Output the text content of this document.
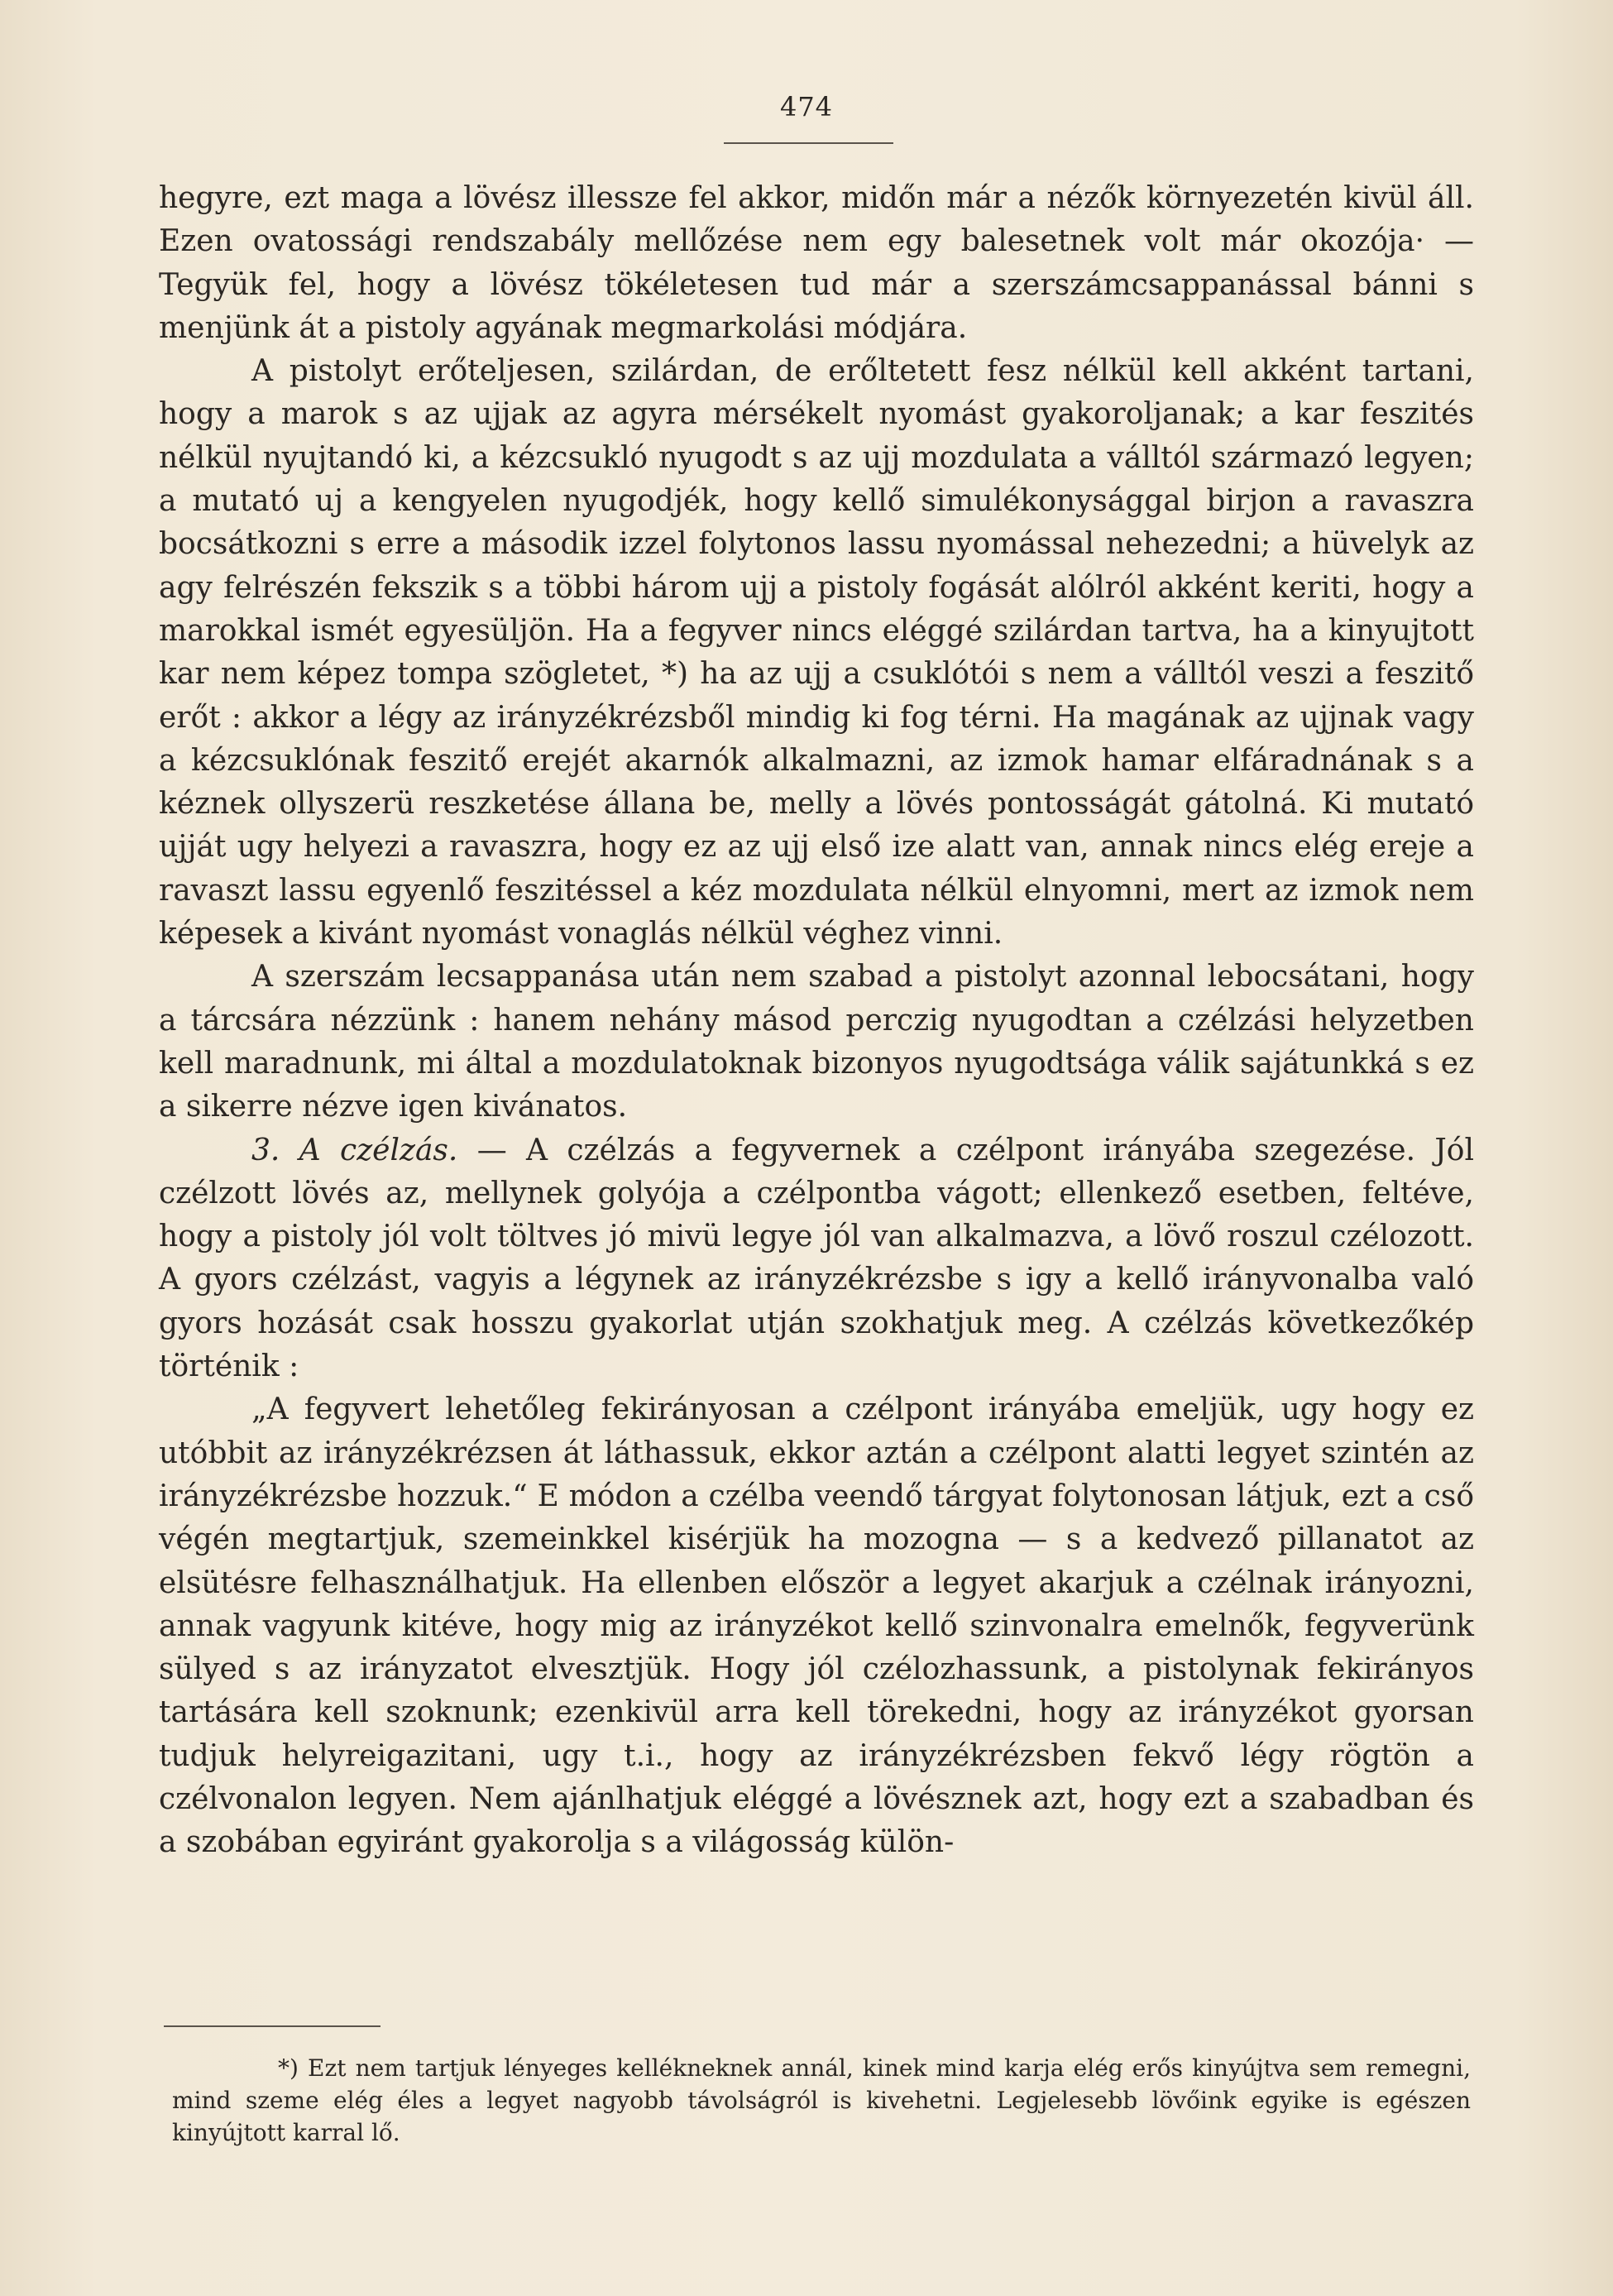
474

hegyre, ezt maga a lövész illessze fel akkor, midőn már a nézők környezetén kivül áll. Ezen ovatossági rendszabály mellőzése nem egy balesetnek volt már okozója· — Tegyük fel, hogy a lövész tökéletesen tud már a szerszámcsappanással bánni s menjünk át a pistoly agyának megmarkolási módjára.

A pistolyt erőteljesen, szilárdan, de erőltetett fesz nélkül kell akként tartani, hogy a marok s az ujjak az agyra mérsékelt nyomást gyakoroljanak; a kar feszités nélkül nyujtandó ki, a kézcsukló nyugodt s az ujj mozdulata a válltól származó legyen; a mutató uj a kengyelen nyugodjék, hogy kellő simulékonysággal birjon a ravaszra bocsátkozni s erre a második izzel folytonos lassu nyomással nehezedni; a hüvelyk az agy felrészén fekszik s a többi három ujj a pistoly fogását alólról akként keriti, hogy a marokkal ismét egyesüljön. Ha a fegyver nincs eléggé szilárdan tartva, ha a kinyujtott kar nem képez tompa szögletet, *) ha az ujj a csuklótói s nem a válltól veszi a feszitő erőt : akkor a légy az irányzékrézsből mindig ki fog térni. Ha magának az ujjnak vagy a kézcsuklónak feszitő erejét akarnók alkalmazni, az izmok hamar elfáradnának s a kéznek ollyszerü reszketése állana be, melly a lövés pontosságát gátolná. Ki mutató ujját ugy helyezi a ravaszra, hogy ez az ujj első ize alatt van, annak nincs elég ereje a ravaszt lassu egyenlő feszitéssel a kéz mozdulata nélkül elnyomni, mert az izmok nem képesek a kivánt nyomást vonaglás nélkül véghez vinni.

A szerszám lecsappanása után nem szabad a pistolyt azonnal lebocsátani, hogy a tárcsára nézzünk : hanem nehány másod perczig nyugodtan a czélzási helyzetben kell maradnunk, mi által a mozdulatoknak bizonyos nyugodtsága válik sajátunkká s ez a sikerre nézve igen kivánatos.

3. A czélzás. — A czélzás a fegyvernek a czélpont irányába szegezése. Jól czélzott lövés az, mellynek golyója a czélpontba vágott; ellenkező esetben, feltéve, hogy a pistoly jól volt töltves jó mivü legye jól van alkalmazva, a lövő roszul czélozott. A gyors czélzást, vagyis a légynek az irányzékrézsbe s igy a kellő irányvonalba való gyors hozását csak hosszu gyakorlat utján szokhatjuk meg. A czélzás következőkép történik :

„A fegyvert lehetőleg fekirányosan a czélpont irányába emeljük, ugy hogy ez utóbbit az irányzékrézsen át láthassuk, ekkor aztán a czélpont alatti legyet szintén az irányzékrézsbe hozzuk.“ E módon a czélba veendő tárgyat folytonosan látjuk, ezt a cső végén megtartjuk, szemeinkkel kisérjük ha mozogna — s a kedvező pillanatot az elsütésre felhasználhatjuk. Ha ellenben először a legyet akarjuk a czélnak irányozni, annak vagyunk kitéve, hogy mig az irányzékot kellő szinvonalra emelnők, fegyverünk sülyed s az irányzatot elvesztjük. Hogy jól czélozhassunk, a pistolynak fekirányos tartására kell szoknunk; ezenkivül arra kell törekedni, hogy az irányzékot gyorsan tudjuk helyreigazitani, ugy t.i., hogy az irányzékrézsben fekvő légy rögtön a czélvonalon legyen. Nem ajánlhatjuk eléggé a lövésznek azt, hogy ezt a szabadban és a szobában egyiránt gyakorolja s a világosság külön-

*) Ezt nem tartjuk lényeges kellékneknek annál, kinek mind karja elég erős kinyújtva sem remegni, mind szeme elég éles a legyet nagyobb távolságról is kivehetni. Legjelesebb lövőink egyike is egészen kinyújtott karral lő.
